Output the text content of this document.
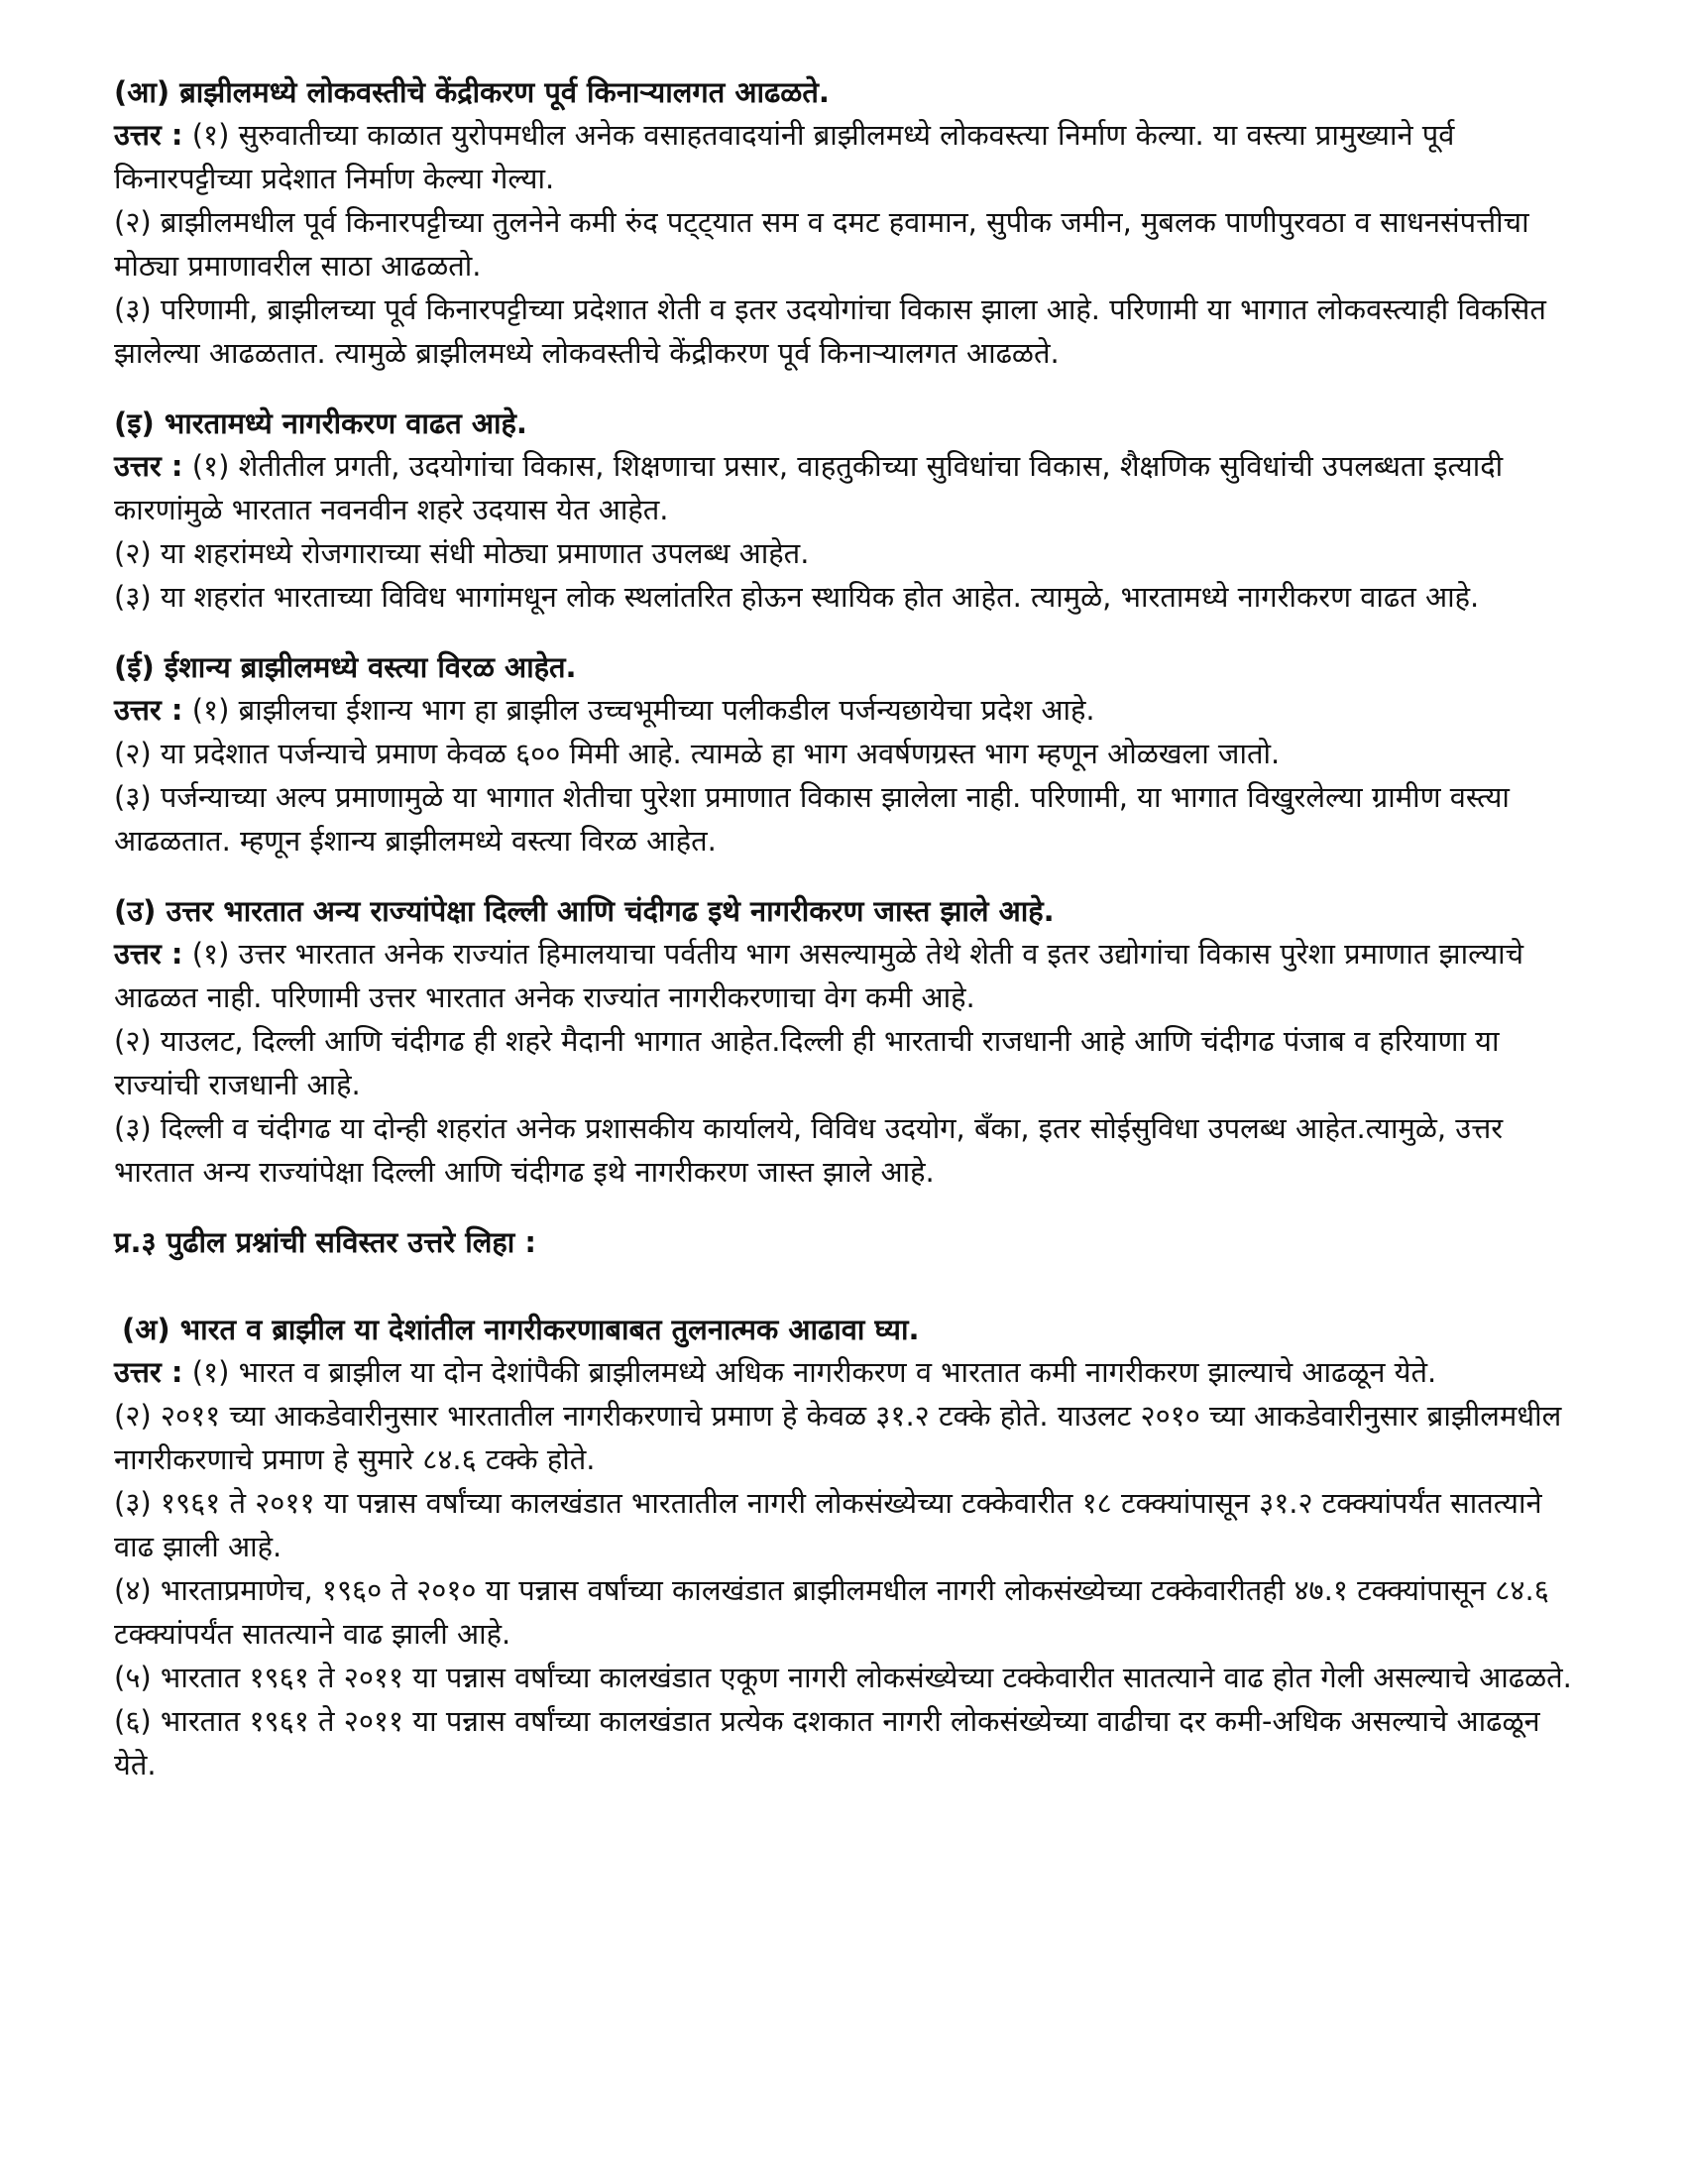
(आ) ब्राझीलमध्ये लोकवस्तीचे केंद्रीकरण पूर्व किनाऱ्यालगत आढळते.

उत्तर : (१) सुरुवातीच्या काळात युरोपमधील अनेक वसाहतवादयांनी ब्राझीलमध्ये लोकवस्त्या निर्माण केल्या. या वस्त्या प्रामुख्याने पूर्व किनारपट्टीच्या प्रदेशात निर्माण केल्या गेल्या.

(२) ब्राझीलमधील पूर्व किनारपट्टीच्या तुलनेने कमी रुंद पट्ट्यात सम व दमट हवामान, सुपीक जमीन, मुबलक पाणीपुरवठा व साधनसंपत्तीचा मोठ्या प्रमाणावरील साठा आढळतो.

(३) परिणामी, ब्राझीलच्या पूर्व किनारपट्टीच्या प्रदेशात शेती व इतर उदयोगांचा विकास झाला आहे. परिणामी या भागात लोकवस्त्याही विकसित झालेल्या आढळतात. त्यामुळे ब्राझीलमध्ये लोकवस्तीचे केंद्रीकरण पूर्व किनाऱ्यालगत आढळते.

(इ) भारतामध्ये नागरीकरण वाढत आहे.

उत्तर : (१) शेतीतील प्रगती, उदयोगांचा विकास, शिक्षणाचा प्रसार, वाहतुकीच्या सुविधांचा विकास, शैक्षणिक सुविधांची उपलब्धता इत्यादी कारणांमुळे भारतात नवनवीन शहरे उदयास येत आहेत.

(२) या शहरांमध्ये रोजगाराच्या संधी मोठ्या प्रमाणात उपलब्ध आहेत.

(३) या शहरांत भारताच्या विविध भागांमधून लोक स्थलांतरित होऊन स्थायिक होत आहेत. त्यामुळे, भारतामध्ये नागरीकरण वाढत आहे.

(ई) ईशान्य ब्राझीलमध्ये वस्त्या विरळ आहेत.

उत्तर : (१) ब्राझीलचा ईशान्य भाग हा ब्राझील उच्चभूमीच्या पलीकडील पर्जन्यछायेचा प्रदेश आहे.

(२) या प्रदेशात पर्जन्याचे प्रमाण केवळ ६०० मिमी आहे. त्यामळे हा भाग अवर्षणग्रस्त भाग म्हणून ओळखला जातो.

(३) पर्जन्याच्या अल्प प्रमाणामुळे या भागात शेतीचा पुरेशा प्रमाणात विकास झालेला नाही. परिणामी, या भागात विखुरलेल्या ग्रामीण वस्त्या आढळतात. म्हणून ईशान्य ब्राझीलमध्ये वस्त्या विरळ आहेत.

(उ) उत्तर भारतात अन्य राज्यांपेक्षा दिल्ली आणि चंदीगढ इथे नागरीकरण जास्त झाले आहे.

उत्तर : (१) उत्तर भारतात अनेक राज्यांत हिमालयाचा पर्वतीय भाग असल्यामुळे तेथे शेती व इतर उद्योगांचा विकास पुरेशा प्रमाणात झाल्याचे आढळत नाही. परिणामी उत्तर भारतात अनेक राज्यांत नागरीकरणाचा वेग कमी आहे.

(२) याउलट, दिल्ली आणि चंदीगढ ही शहरे मैदानी भागात आहेत.दिल्ली ही भारताची राजधानी आहे आणि चंदीगढ पंजाब व हरियाणा या राज्यांची राजधानी आहे.

(३) दिल्ली व चंदीगढ या दोन्ही शहरांत अनेक प्रशासकीय कार्यालये, विविध उदयोग, बँका, इतर सोईसुविधा उपलब्ध आहेत.त्यामुळे, उत्तर भारतात अन्य राज्यांपेक्षा दिल्ली आणि चंदीगढ इथे नागरीकरण जास्त झाले आहे.

प्र.३ पुढील प्रश्नांची सविस्तर उत्तरे लिहा :

(अ) भारत व ब्राझील या देशांतील नागरीकरणाबाबत तुलनात्मक आढावा घ्या.

उत्तर : (१) भारत व ब्राझील या दोन देशांपैकी ब्राझीलमध्ये अधिक नागरीकरण व भारतात कमी नागरीकरण झाल्याचे आढळून येते.

(२) २०११ च्या आकडेवारीनुसार भारतातील नागरीकरणाचे प्रमाण हे केवळ ३१.२ टक्के होते. याउलट २०१० च्या आकडेवारीनुसार ब्राझीलमधील नागरीकरणाचे प्रमाण हे सुमारे ८४.६ टक्के होते.

(३) १९६१ ते २०११ या पन्नास वर्षांच्या कालखंडात भारतातील नागरी लोकसंख्येच्या टक्केवारीत १८ टक्क्यांपासून ३१.२ टक्क्यांपर्यंत सातत्याने वाढ झाली आहे.

(४) भारताप्रमाणेच, १९६० ते २०१० या पन्नास वर्षांच्या कालखंडात ब्राझीलमधील नागरी लोकसंख्येच्या टक्केवारीतही ४७.१ टक्क्यांपासून ८४.६ टक्क्यांपर्यंत सातत्याने वाढ झाली आहे.

(५) भारतात १९६१ ते २०११ या पन्नास वर्षांच्या कालखंडात एकूण नागरी लोकसंख्येच्या टक्केवारीत सातत्याने वाढ होत गेली असल्याचे आढळते.

(६) भारतात १९६१ ते २०११ या पन्नास वर्षांच्या कालखंडात प्रत्येक दशकात नागरी लोकसंख्येच्या वाढीचा दर कमी-अधिक असल्याचे आढळून येते.
